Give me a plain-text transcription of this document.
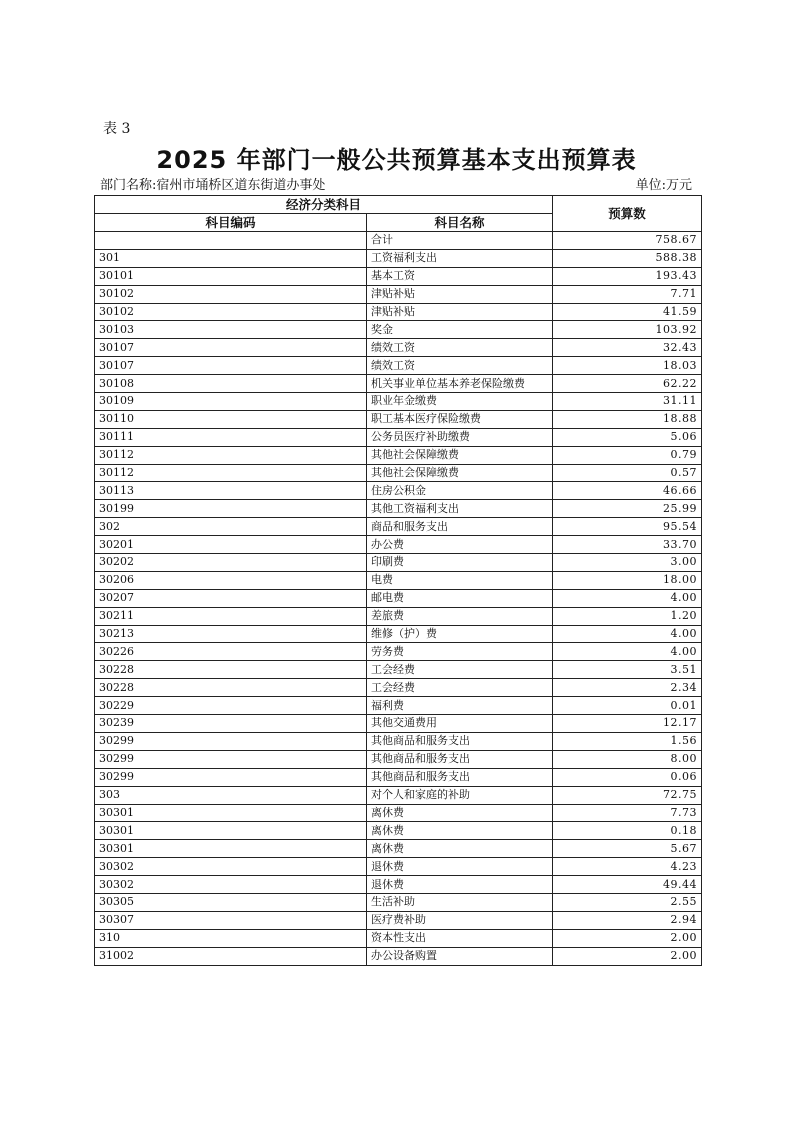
表 3
2025 年部门一般公共预算基本支出预算表
部门名称:宿州市埇桥区道东街道办事处	单位:万元
经济分类科目		预算数
科目编码	科目名称	
	合计	758.67
301	工资福利支出	588.38
30101	基本工资	193.43
30102	津贴补贴	7.71
30102	津贴补贴	41.59
30103	奖金	103.92
30107	绩效工资	32.43
30107	绩效工资	18.03
30108	机关事业单位基本养老保险缴费	62.22
30109	职业年金缴费	31.11
30110	职工基本医疗保险缴费	18.88
30111	公务员医疗补助缴费	5.06
30112	其他社会保障缴费	0.79
30112	其他社会保障缴费	0.57
30113	住房公积金	46.66
30199	其他工资福利支出	25.99
302	商品和服务支出	95.54
30201	办公费	33.70
30202	印刷费	3.00
30206	电费	18.00
30207	邮电费	4.00
30211	差旅费	1.20
30213	维修（护）费	4.00
30226	劳务费	4.00
30228	工会经费	3.51
30228	工会经费	2.34
30229	福利费	0.01
30239	其他交通费用	12.17
30299	其他商品和服务支出	1.56
30299	其他商品和服务支出	8.00
30299	其他商品和服务支出	0.06
303	对个人和家庭的补助	72.75
30301	离休费	7.73
30301	离休费	0.18
30301	离休费	5.67
30302	退休费	4.23
30302	退休费	49.44
30305	生活补助	2.55
30307	医疗费补助	2.94
310	资本性支出	2.00
31002	办公设备购置	2.00
